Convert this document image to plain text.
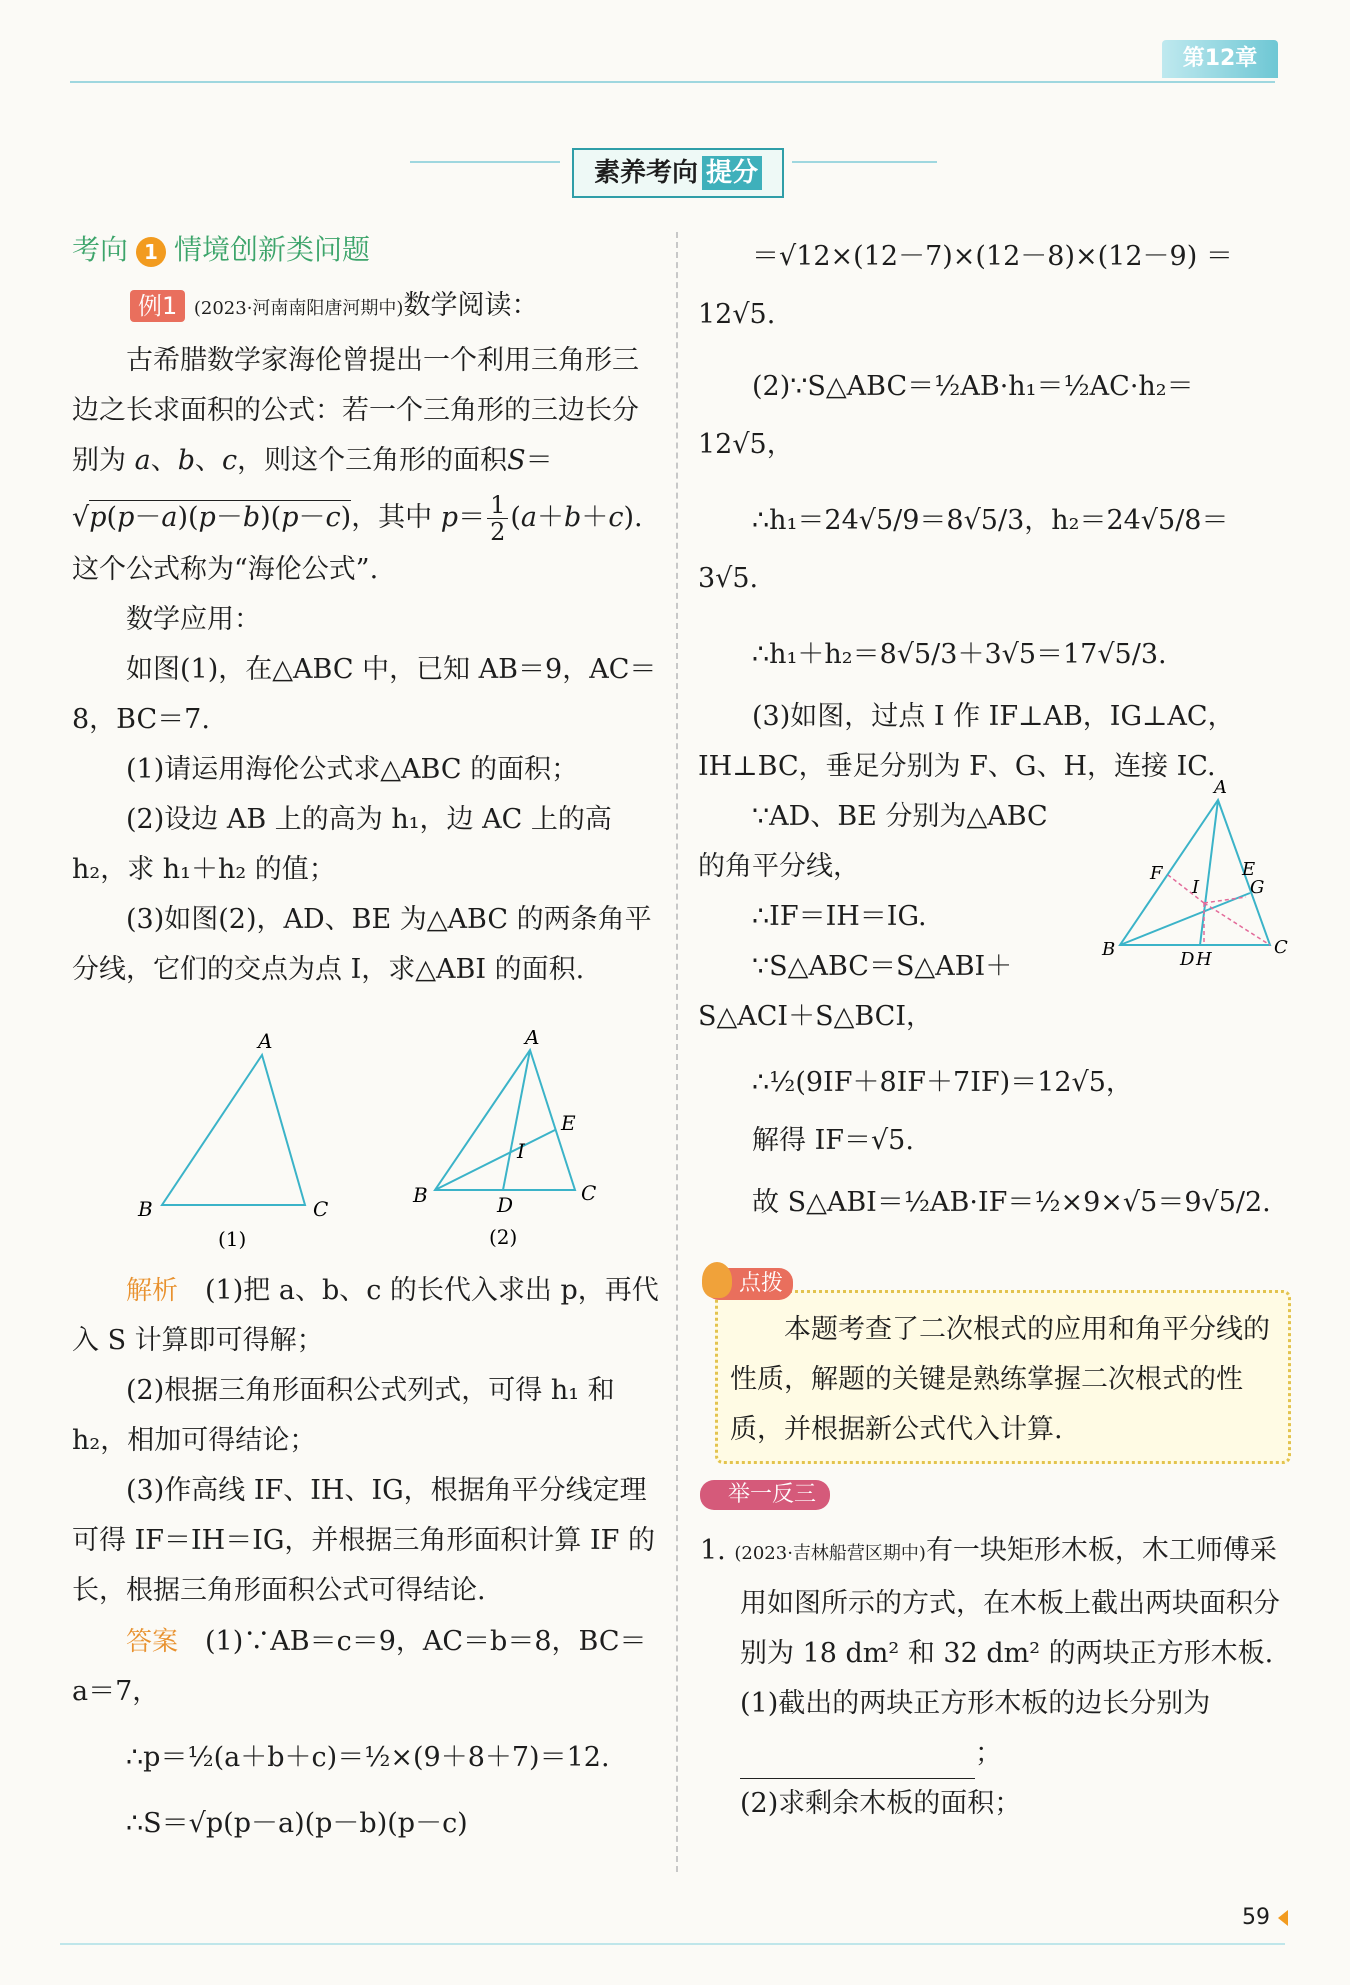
第12章
素养考向 提分
考向 1 情境创新类问题
例1 (2023·河南南阳唐河期中)数学阅读：
古希腊数学家海伦曾提出一个利用三角形三边之长求面积的公式：若一个三角形的三边长分别为 a、b、c，则这个三角形的面积S＝
√p(p－a)(p－b)(p－c)，其中 $p= \frac{1}{2} (a+b+c)$.这个公式称为“海伦公式”.
数学应用：
如图(1)，在△ABC 中，已知 AB＝9，AC＝8，BC＝7.
(1)请运用海伦公式求△ABC 的面积；
(2)设边 AB 上的高为 h₁，边 AC 上的高 h₂，求 h₁＋h₂ 的值；
(3)如图(2)，AD、BE 为△ABC 的两条角平分线，它们的交点为点 I，求△ABI 的面积.
A
B	C
(1)
A
B	C
D
E
I
(2)
解析　 (1)把 a、b、c 的长代入求出 p，再代入 S 计算即可得解；
(2)根据三角形面积公式列式，可得 h₁ 和 h₂，相加可得结论；
(3)作高线 IF、IH、IG，根据角平分线定理可得 IF＝IH＝IG，并根据三角形面积计算 IF 的长，根据三角形面积公式可得结论.
答案　 (1)∵AB＝c＝9，AC＝b＝8，BC＝a＝7，
∴p＝½(a＋b＋c)＝½×(9＋8＋7)＝12.
∴S＝√p(p－a)(p－b)(p－c)
＝√12×(12－7)×(12－8)×(12－9) ＝
12√5.
(2)∵S△ABC＝½AB·h₁＝½AC·h₂＝
12√5，
∴h₁＝24√5/9＝8√5/3，h₂＝24√5/8＝3√5.
∴h₁＋h₂＝8√5/3＋3√5＝17√5/3.
(3)如图，过点 I 作 IF⊥AB，IG⊥AC，IH⊥BC，垂足分别为 F、G、H，连接 IC.
∵AD、BE 分别为△ABC
的角平分线，
∴IF＝IH＝IG.
∵S△ABC＝S△ABI＋
S△ACI＋S△BCI，
∴½(9IF＋8IF＋7IF)＝12√5，
解得 IF＝√5.
故 S△ABI＝½AB·IF＝½×9×√5＝9√5/2.
A
B	C
D H
F
I
E
G
点拨
本题考查了二次根式的应用和角平分线的性质，解题的关键是熟练掌握二次根式的性质，并根据新公式代入计算.
举一反三
1. (2023·吉林船营区期中)有一块矩形木板，木工师傅采用如图所示的方式，在木板上截出两块面积分别为 18 dm² 和 32 dm² 的两块正方形木板.
(1)截出的两块正方形木板的边长分别为
；
(2)求剩余木板的面积；
59
